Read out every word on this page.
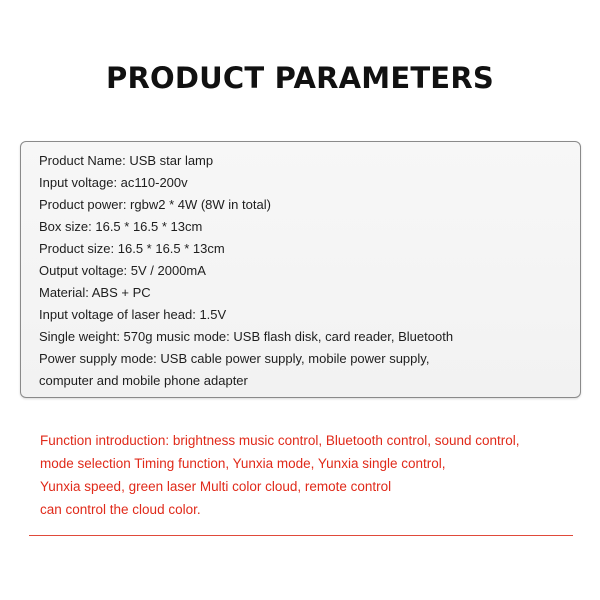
PRODUCT PARAMETERS
Product Name: USB star lamp
Input voltage: ac110-200v
Product power: rgbw2 * 4W (8W in total)
Box size: 16.5 * 16.5 * 13cm
Product size: 16.5 * 16.5 * 13cm
Output voltage: 5V / 2000mA
Material: ABS + PC
Input voltage of laser head: 1.5V
Single weight: 570g music mode: USB flash disk, card reader, Bluetooth
Power supply mode: USB cable power supply, mobile power supply,
computer and mobile phone adapter
Function introduction: brightness music control, Bluetooth control, sound control,
mode selection Timing function, Yunxia mode, Yunxia single control,
Yunxia speed, green laser Multi color cloud, remote control
can control the cloud color.
